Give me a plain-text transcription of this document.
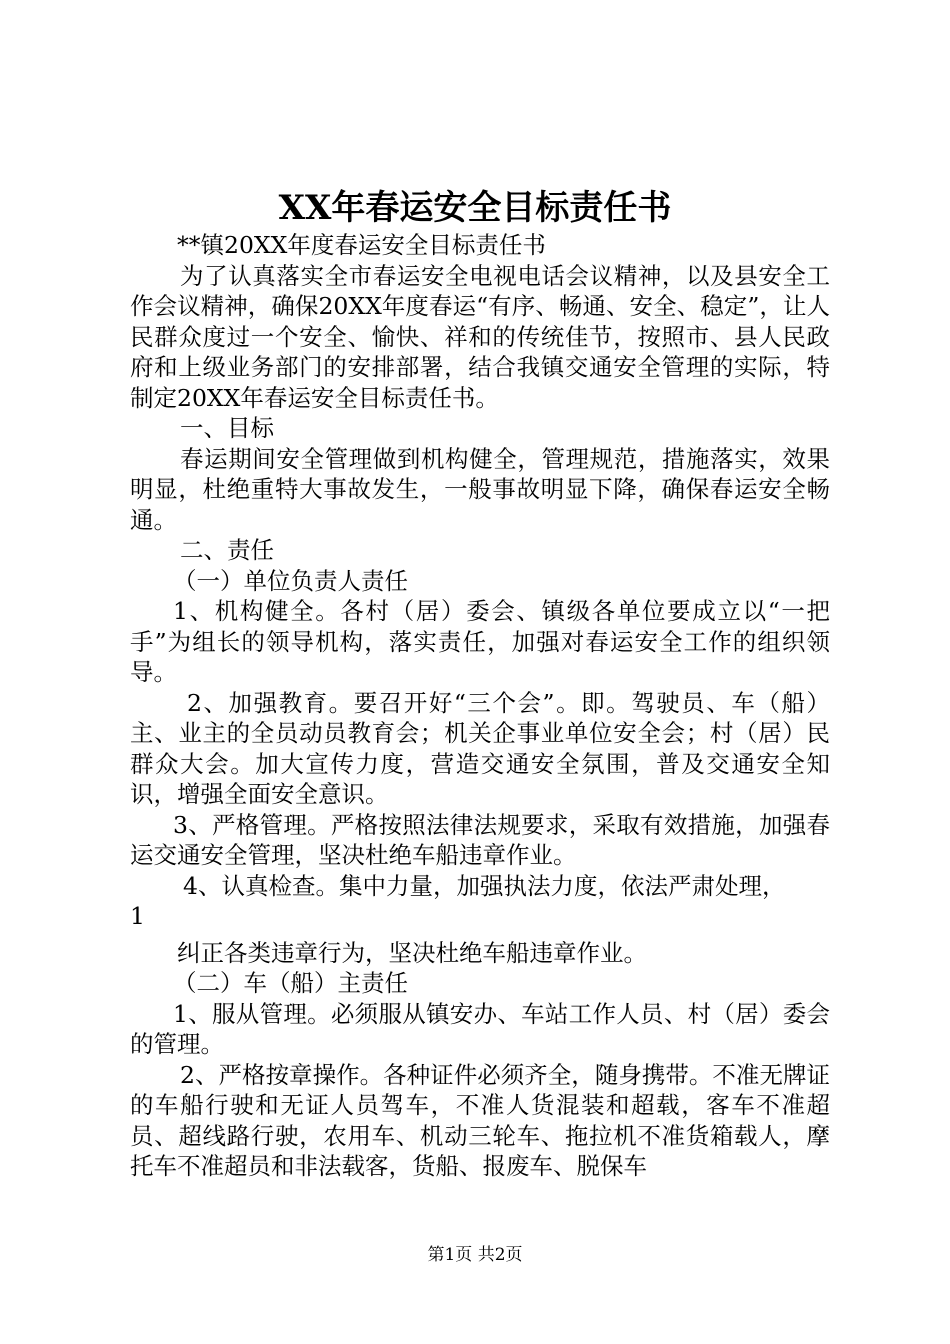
XX年春运安全目标责任书

**镇20XX年度春运安全目标责任书

为了认真落实全市春运安全电视电话会议精神，以及县安全工作会议精神，确保20XX年度春运“有序、畅通、安全、稳定”，让人民群众度过一个安全、愉快、祥和的传统佳节，按照市、县人民政府和上级业务部门的安排部署，结合我镇交通安全管理的实际，特制定20XX年春运安全目标责任书。

一、目标

春运期间安全管理做到机构健全，管理规范，措施落实，效果明显，杜绝重特大事故发生，一般事故明显下降，确保春运安全畅通。

二、责任

（一）单位负责人责任

1、机构健全。各村（居）委会、镇级各单位要成立以“一把手”为组长的领导机构，落实责任，加强对春运安全工作的组织领导。

2、加强教育。要召开好“三个会”。即。驾驶员、车（船）主、业主的全员动员教育会；机关企事业单位安全会；村（居）民群众大会。加大宣传力度，营造交通安全氛围，普及交通安全知识，增强全面安全意识。

3、严格管理。严格按照法律法规要求，采取有效措施，加强春运交通安全管理，坚决杜绝车船违章作业。

4、认真检查。集中力量，加强执法力度，依法严肃处理，

1

纠正各类违章行为，坚决杜绝车船违章作业。

（二）车（船）主责任

1、服从管理。必须服从镇安办、车站工作人员、村（居）委会的管理。

2、严格按章操作。各种证件必须齐全，随身携带。不准无牌证的车船行驶和无证人员驾车，不准人货混装和超载，客车不准超员、超线路行驶，农用车、机动三轮车、拖拉机不准货箱载人，摩托车不准超员和非法载客，货船、报废车、脱保车

第1页 共2页
